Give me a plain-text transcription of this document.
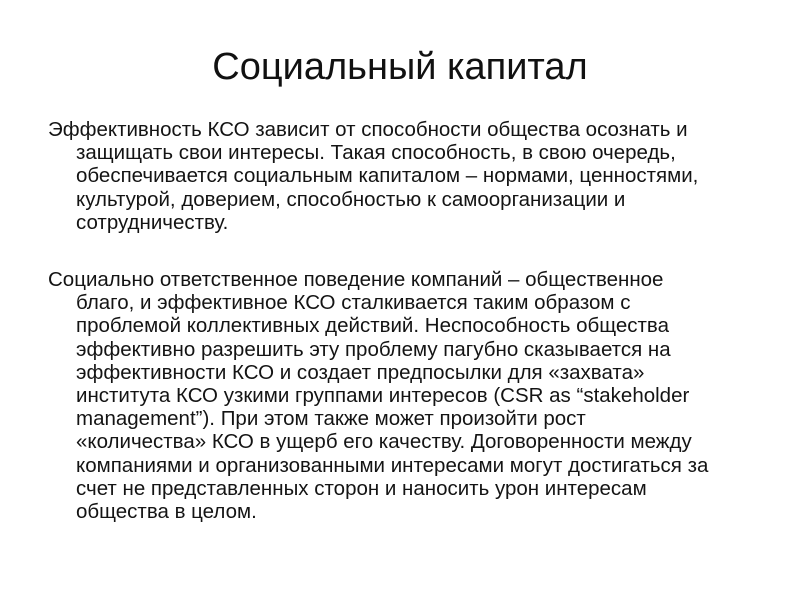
Социальный капитал

Эффективность КСО зависит от способности общества осознать и
защищать свои интересы. Такая способность, в свою очередь,
обеспечивается социальным капиталом – нормами, ценностями,
культурой, доверием, способностью к самоорганизации и
сотрудничеству.

Социально ответственное поведение компаний – общественное
благо, и эффективное КСО сталкивается таким образом с
проблемой коллективных действий. Неспособность общества
эффективно разрешить эту проблему пагубно сказывается на
эффективности КСО и создает предпосылки для «захвата»
института КСО узкими группами интересов (CSR as “stakeholder
management”). При этом также может произойти рост
«количества» КСО в ущерб его качеству. Договоренности между
компаниями и организованными интересами могут достигаться за
счет не представленных сторон и наносить урон интересам
общества в целом.
